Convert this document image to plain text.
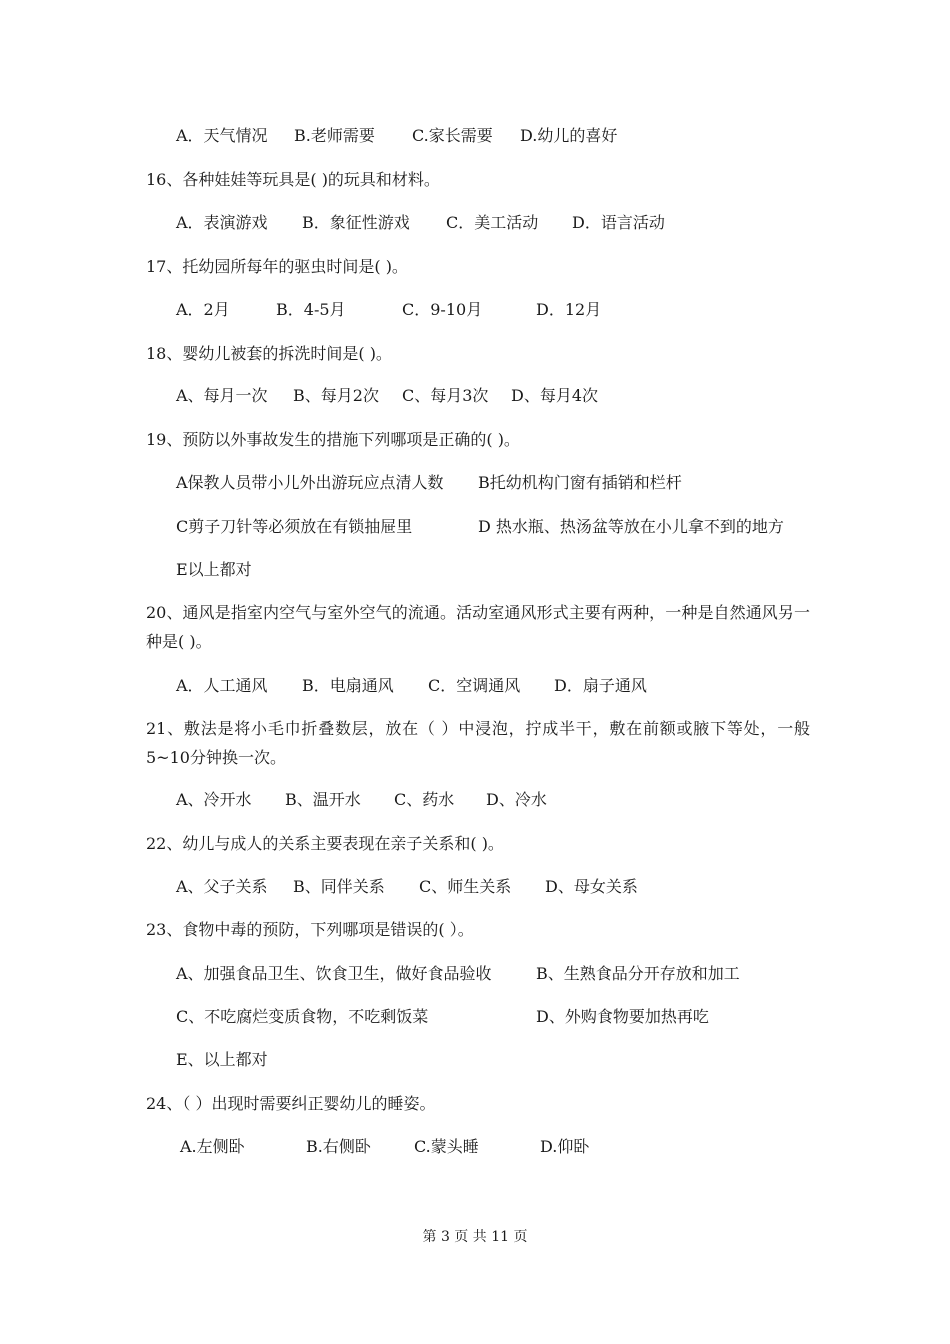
A．天气情况 B.老师需要 C.家长需要 D.幼儿的喜好
16、各种娃娃等玩具是( )的玩具和材料。
A．表演游戏 B．象征性游戏 C．美工活动 D．语言活动
17、托幼园所每年的驱虫时间是( )。
A．2月	B．4-5月	C．9-10月	D．12月
18、婴幼儿被套的拆洗时间是( )。
A、每月一次 B、每月2次 C、每月3次 D、每月4次
19、预防以外事故发生的措施下列哪项是正确的( )。
A保教人员带小儿外出游玩应点清人数 B托幼机构门窗有插销和栏杆
C剪子刀针等必须放在有锁抽屉里	D 热水瓶、热汤盆等放在小儿拿不到的地方
E以上都对
20、通风是指室内空气与室外空气的流通。活动室通风形式主要有两种，一种是自然通风另一种是( )。
A．人工通风 B．电扇通风 C．空调通风 D．扇子通风
21、敷法是将小毛巾折叠数层，放在（ ）中浸泡，拧成半干，敷在前额或腋下等处，一般5~10分钟换一次。
A、冷开水 B、温开水 C、药水 D、冷水
22、幼儿与成人的关系主要表现在亲子关系和( )。
A、父子关系 B、同伴关系 C、师生关系 D、母女关系
23、食物中毒的预防，下列哪项是错误的( ）。
A、加强食品卫生、饮食卫生，做好食品验收	B、生熟食品分开存放和加工
C、不吃腐烂变质食物，不吃剩饭菜	D、外购食物要加热再吃
E、以上都对
24、（ ）出现时需要纠正婴幼儿的睡姿。
A.左侧卧	B.右侧卧	C.蒙头睡	D.仰卧
第 3 页 共 11 页
